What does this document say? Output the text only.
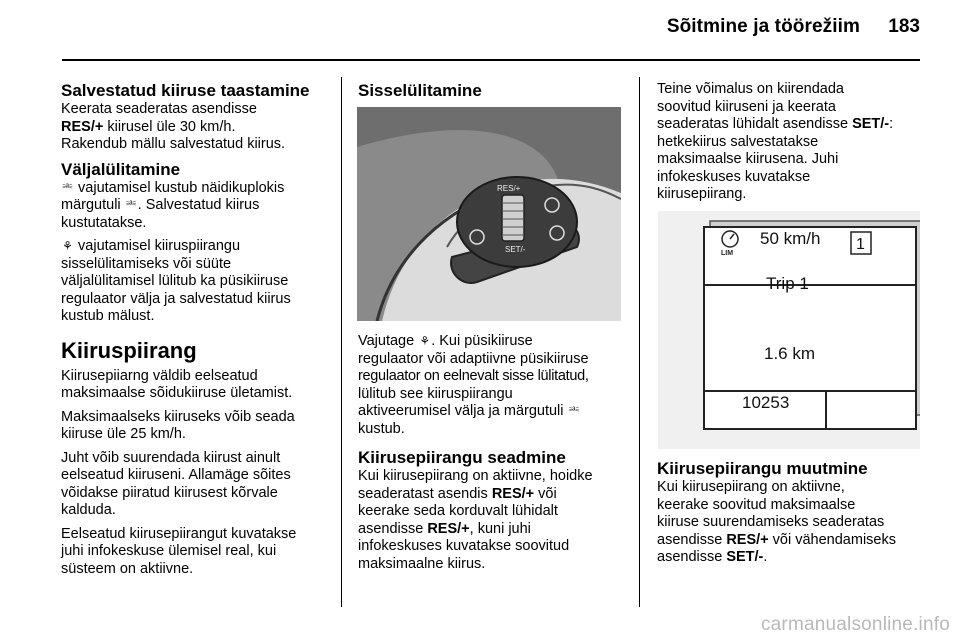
Sõitmine ja töörežiim	183
Salvestatud kiiruse taastamine

Keerata seaderatas asendisse
RES/+ kiirusel üle 30 km/h.
Rakendub mällu salvestatud kiirus.

Väljalülitamine

⎃ vajutamisel kustub näidikuplokis
märgutuli ⎃. Salvestatud kiirus
kustutatakse.

⚘ vajutamisel kiiruspiirangu
sisselülitamiseks või süüte
väljalülitamisel lülitub ka püsikiiruse
regulaator välja ja salvestatud kiirus
kustub mälust.

Kiiruspiirang

Kiirusepiiarng väldib eelseatud
maksimaalse sõidukiiruse ületamist.

Maksimaalseks kiiruseks võib seada
kiiruse üle 25 km/h.

Juht võib suurendada kiirust ainult
eelseatud kiiruseni. Allamäge sõites
võidakse piiratud kiirusest kõrvale
kalduda.

Eelseatud kiirusepiirangut kuvatakse
juhi infokeskuse ülemisel real, kui
süsteem on aktiivne.

Sisselülitamine
RES/+
SET/-

Vajutage ⚘. Kui püsikiiruse
regulaator või adaptiivne püsikiiruse
regulaator on eelnevalt sisse lülitatud,
lülitub see kiiruspiirangu
aktiveerumisel välja ja märgutuli ⎃
kustub.

Kiirusepiirangu seadmine

Kui kiirusepiirang on aktiivne, hoidke
seaderatast asendis RES/+ või
keerake seda korduvalt lühidalt
asendisse RES/+, kuni juhi
infokeskuses kuvatakse soovitud
maksimaalne kiirus.

Teine võimalus on kiirendada
soovitud kiiruseni ja keerata
seaderatas lühidalt asendisse SET/-:
hetkekiirus salvestatakse
maksimaalse kiirusena. Juhi
infokeskuses kuvatakse
kiirusepiirang.

LIM
50 km/h 1
Trip 1
1.6 km
10253
Kiirusepiirangu muutmine

Kui kiirusepiirang on aktiivne,
keerake soovitud maksimaalse
kiiruse suurendamiseks seaderatas
asendisse RES/+ või vähendamiseks
asendisse SET/-.

carmanualsonline.info
